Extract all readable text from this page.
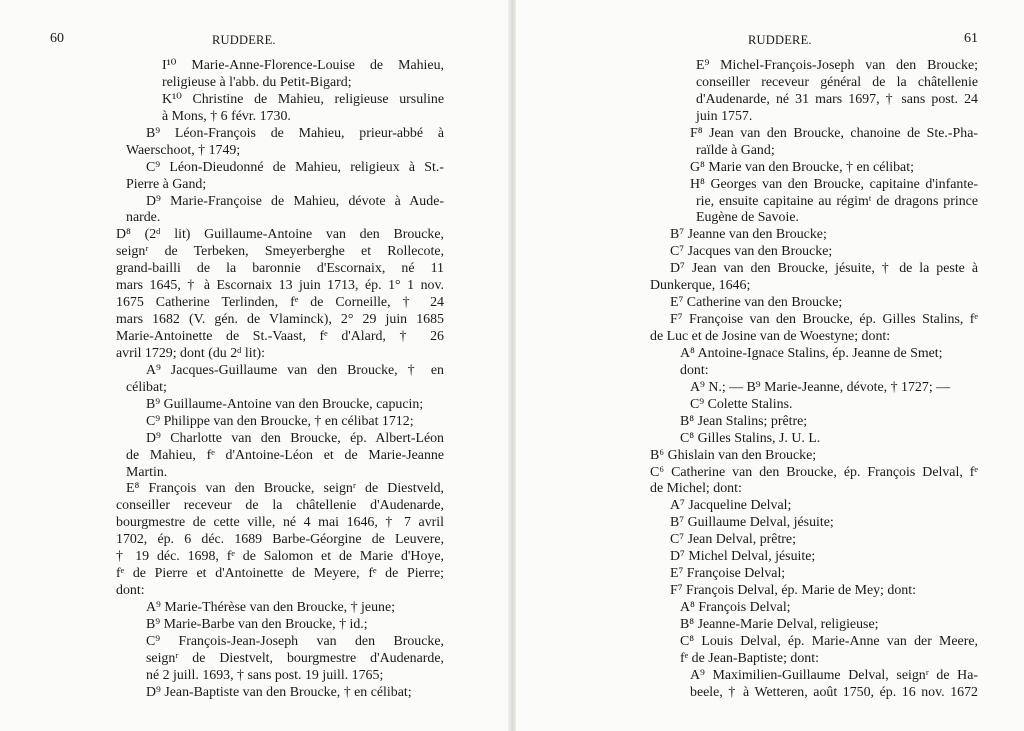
60	RUDDERE.
I¹⁰ Marie-Anne-Florence-Louise de Mahieu,
religieuse à l'abb. du Petit-Bigard;
K¹⁰ Christine de Mahieu, religieuse ursuline
à Mons, † 6 févr. 1730.
B⁹ Léon-François de Mahieu, prieur-abbé à
Waerschoot, † 1749;
C⁹ Léon-Dieudonné de Mahieu, religieux à St.-
Pierre à Gand;
D⁹ Marie-Françoise de Mahieu, dévote à Aude-
narde.
D⁸ (2ᵈ lit) Guillaume-Antoine van den Broucke,
seignʳ de Terbeken, Smeyerberghe et Rollecote,
grand-bailli de la baronnie d'Escornaix, né 11
mars 1645, † à Escornaix 13 juin 1713, ép. 1° 1 nov.
1675 Catherine Terlinden, fᵉ de Corneille, † 24
mars 1682 (V. gén. de Vlaminck), 2° 29 juin 1685
Marie-Antoinette de St.-Vaast, fᵉ d'Alard, † 26
avril 1729; dont (du 2ᵈ lit):
A⁹ Jacques-Guillaume van den Broucke, † en
célibat;
B⁹ Guillaume-Antoine van den Broucke, capucin;
C⁹ Philippe van den Broucke, † en célibat 1712;
D⁹ Charlotte van den Broucke, ép. Albert-Léon
de Mahieu, fᵉ d'Antoine-Léon et de Marie-Jeanne
Martin.
E⁸ François van den Broucke, seignʳ de Diestveld,
conseiller receveur de la châtellenie d'Audenarde,
bourgmestre de cette ville, né 4 mai 1646, † 7 avril
1702, ép. 6 déc. 1689 Barbe-Géorgine de Leuvere,
† 19 déc. 1698, fᵉ de Salomon et de Marie d'Hoye,
fᵉ de Pierre et d'Antoinette de Meyere, fᵉ de Pierre;
dont:
A⁹ Marie-Thérèse van den Broucke, † jeune;
B⁹ Marie-Barbe van den Broucke, † id.;
C⁹ François-Jean-Joseph van den Broucke,
seignʳ de Diestvelt, bourgmestre d'Audenarde,
né 2 juill. 1693, † sans post. 19 juill. 1765;
D⁹ Jean-Baptiste van den Broucke, † en célibat;
RUDDERE.	61
E⁹ Michel-François-Joseph van den Broucke;
conseiller receveur général de la châtellenie
d'Audenarde, né 31 mars 1697, † sans post. 24
juin 1757.
F⁸ Jean van den Broucke, chanoine de Ste.-Pha-
raïlde à Gand;
G⁸ Marie van den Broucke, † en célibat;
H⁸ Georges van den Broucke, capitaine d'infante-
rie, ensuite capitaine au régimᵗ de dragons prince
Eugène de Savoie.
B⁷ Jeanne van den Broucke;
C⁷ Jacques van den Broucke;
D⁷ Jean van den Broucke, jésuite, † de la peste à
Dunkerque, 1646;
E⁷ Catherine van den Broucke;
F⁷ Françoise van den Broucke, ép. Gilles Stalins, fᵉ
de Luc et de Josine van de Woestyne; dont:
A⁸ Antoine-Ignace Stalins, ép. Jeanne de Smet;
dont:
A⁹ N.; — B⁹ Marie-Jeanne, dévote, † 1727; —
C⁹ Colette Stalins.
B⁸ Jean Stalins; prêtre;
C⁸ Gilles Stalins, J. U. L.
B⁶ Ghislain van den Broucke;
C⁶ Catherine van den Broucke, ép. François Delval, fᵉ
de Michel; dont:
A⁷ Jacqueline Delval;
B⁷ Guillaume Delval, jésuite;
C⁷ Jean Delval, prêtre;
D⁷ Michel Delval, jésuite;
E⁷ Françoise Delval;
F⁷ François Delval, ép. Marie de Mey; dont:
A⁸ François Delval;
B⁸ Jeanne-Marie Delval, religieuse;
C⁸ Louis Delval, ép. Marie-Anne van der Meere,
fᵉ de Jean-Baptiste; dont:
A⁹ Maximilien-Guillaume Delval, seignʳ de Ha-
beele, † à Wetteren, août 1750, ép. 16 nov. 1672
